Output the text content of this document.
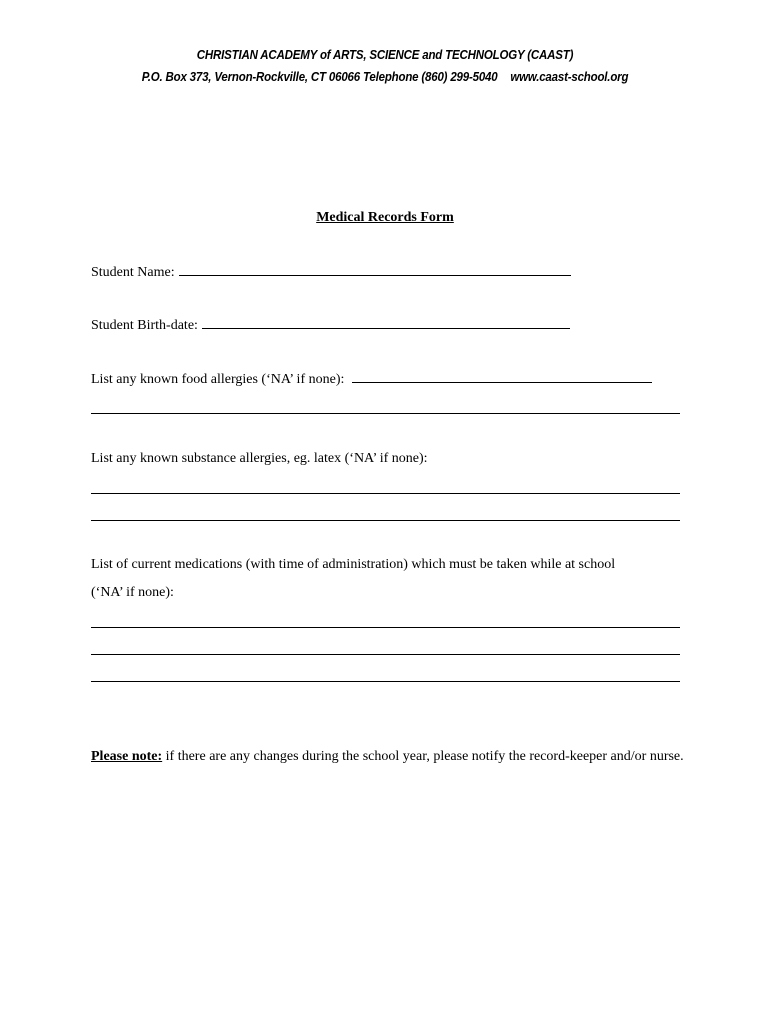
CHRISTIAN ACADEMY of ARTS, SCIENCE and TECHNOLOGY (CAAST)
P.O. Box 373, Vernon-Rockville, CT 06066 Telephone (860) 299-5040 www.caast-school.org
Medical Records Form
Student Name:
Student Birth-date:
List any known food allergies (‘NA’ if none):
List any known substance allergies, eg. latex (‘NA’ if none):
List of current medications (with time of administration) which must be taken while at school
(‘NA’ if none):
Please note: if there are any changes during the school year, please notify the record-keeper and/or nurse.
